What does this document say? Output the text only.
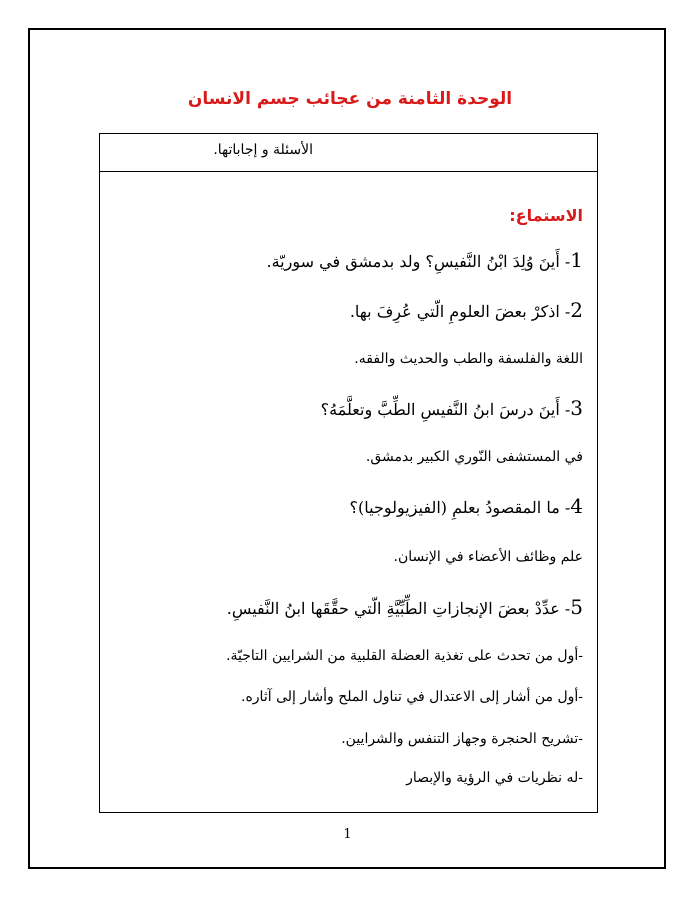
الوحدة الثامنة من عجائب جسم الانسان
الأسئلة و إجاباتها.
الاستماع:
1- أَينَ وُلِدَ ابْنُ النَّفيسِ؟ ولد بدمشق في سوريّة.
2- اذكرْ بعضَ العلومِ الّتي عُرِفَ بها.
اللغة والفلسفة والطب والحديث والفقه.
3- أَينَ درسَ ابنُ النَّفيسِ الطِّبَّ وتعلَّمَهُ؟
في المستشفى النّوري الكبير بدمشق.
4- ما المقصودُ بعلمِ (الفيزيولوجيا)؟
علم وظائف الأعضاء في الإنسان.
5- عدِّدْ بعضَ الإنجازاتِ الطِّبِّيَّةِ الّتي حقَّقَها ابنُ النَّفيسِ.
-أول من تحدث على تغذية العضلة القلبية من الشرايين التاجيّة.
-أول من أشار إلى الاعتدال في تناول الملح وأشار إلى آثاره.
-تشريح الحنجرة وجهاز التنفس والشرايين.
-له نظريات في الرؤية والإبصار
1
